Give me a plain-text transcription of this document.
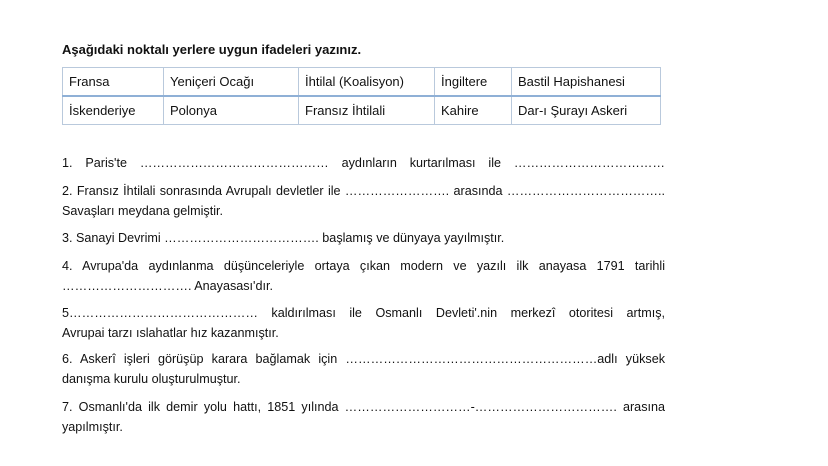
Aşağıdaki noktalı yerlere uygun ifadeleri yazınız.
Fransa	Yeniçeri Ocağı	İhtilal (Koalisyon)	İngiltere	Bastil Hapishanesi
İskenderiye	Polonya	Fransız İhtilali	Kahire	Dar-ı Şurayı Askeri
1. Paris'te ……………………………………… aydınların kurtarılması ile ………………………………
2. Fransız İhtilali sonrasında Avrupalı devletler ile ……………………. arasında ………………………………..
Savaşları meydana gelmiştir.
3. Sanayi Devrimi ………………………………. başlamış ve dünyaya yayılmıştır.
4. Avrupa'da aydınlanma düşünceleriyle ortaya çıkan modern ve yazılı ilk anayasa 1791 tarihli
…………………………. Anayasası'dır.
5……………………………………… kaldırılması ile Osmanlı Devleti'.nin merkezî otoritesi artmış,
Avrupai tarzı ıslahatlar hız kazanmıştır.
6. Askerî işleri görüşüp karara bağlamak için ……………………………………………………adlı yüksek
danışma kurulu oluşturulmuştur.
7. Osmanlı'da ilk demir yolu hattı, 1851 yılında …………………………-……………………………. arasına
yapılmıştır.
